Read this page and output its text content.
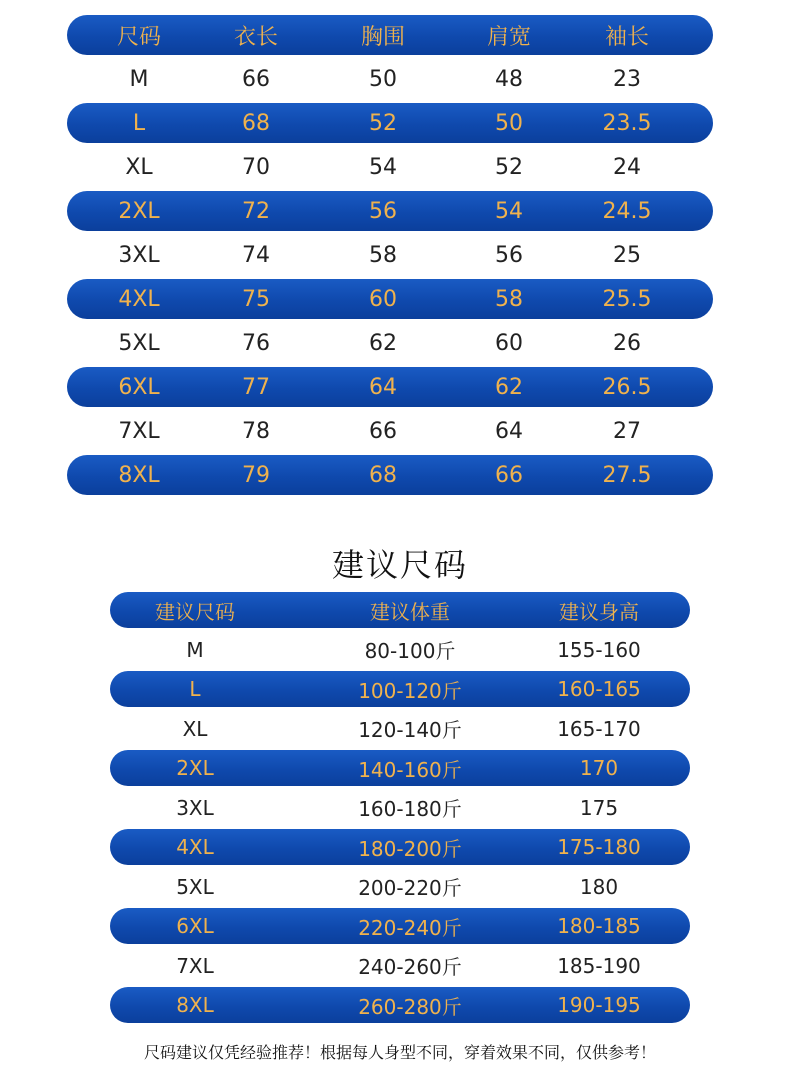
尺码	衣长	胸围	肩宽	袖长
M	66	50	48	23
L	68	52	50	23.5
XL	70	54	52	24
2XL	72	56	54	24.5
3XL	74	58	56	25
4XL	75	60	58	25.5
5XL	76	62	60	26
6XL	77	64	62	26.5
7XL	78	66	64	27
8XL	79	68	66	27.5
建议尺码
建议尺码	建议体重	建议身高
M	80-100斤	155-160
L	100-120斤	160-165
XL	120-140斤	165-170
2XL	140-160斤	170
3XL	160-180斤	175
4XL	180-200斤	175-180
5XL	200-220斤	180
6XL	220-240斤	180-185
7XL	240-260斤	185-190
8XL	260-280斤	190-195
尺码建议仅凭经验推荐！根据每人身型不同，穿着效果不同，仅供参考！
